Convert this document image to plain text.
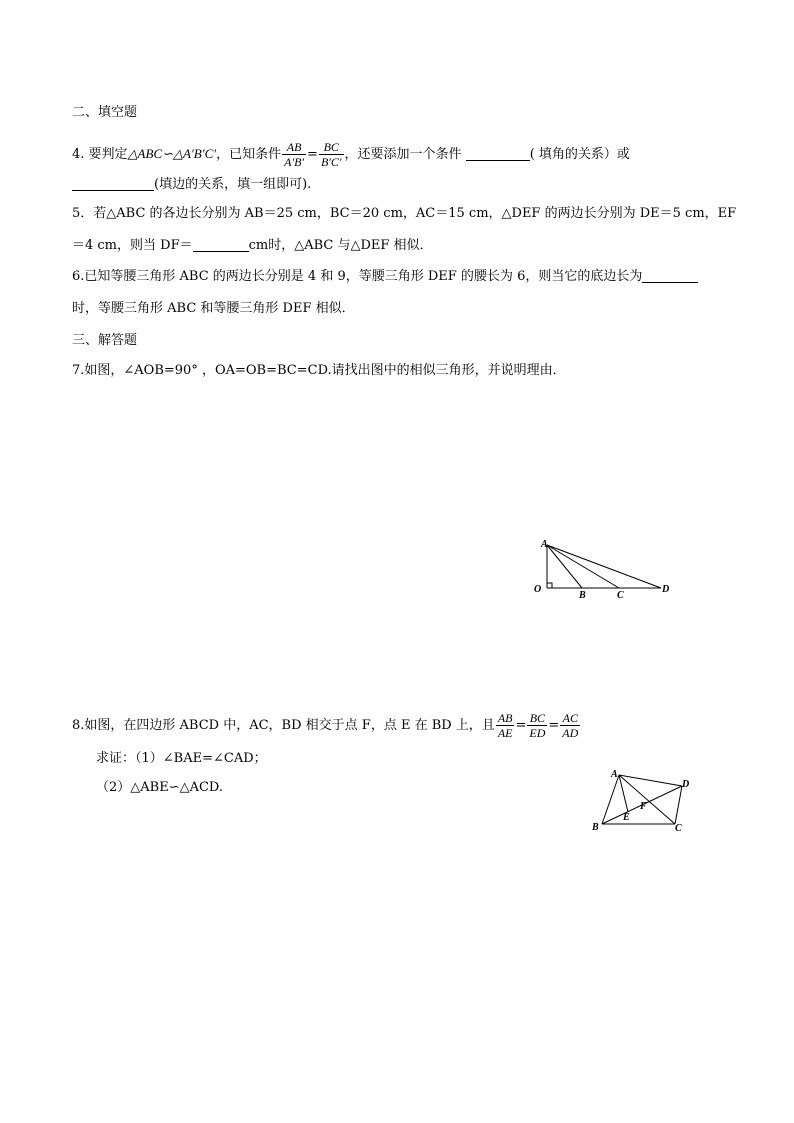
二、填空题
4. 要判定△ABC∽△A′B′C′，已知条件 $\frac{AB}{A'B'} = \frac{BC}{B'C'}$ ，还要添加一个条件	( 填角的关系）或
(填边的关系，填一组即可).
5．若△ABC 的各边长分别为 AB＝25 cm，BC＝20 cm，AC＝15 cm，△DEF 的两边长分别为 DE＝5 cm，EF
＝4 cm，则当 DF＝	cm时，△ABC 与△DEF 相似．
6.已知等腰三角形 ABC 的两边长分别是 4 和 9，等腰三角形 DEF 的腰长为 6，则当它的底边长为
时，等腰三角形 ABC 和等腰三角形 DEF 相似．
三、解答题
7.如图，∠AOB=90° ，OA=OB=BC=CD.请找出图中的相似三角形，并说明理由．
A
O
B	C
D
8.如图，在四边形 ABCD 中，AC，BD 相交于点 F，点 E 在 BD 上，且 $\frac{AB}{AE} = \frac{BC}{ED} = \frac{AC}{AD}$
求证：（1）∠BAE=∠CAD；
（2）△ABE∽△ACD.
A
B	C
D
E
F
